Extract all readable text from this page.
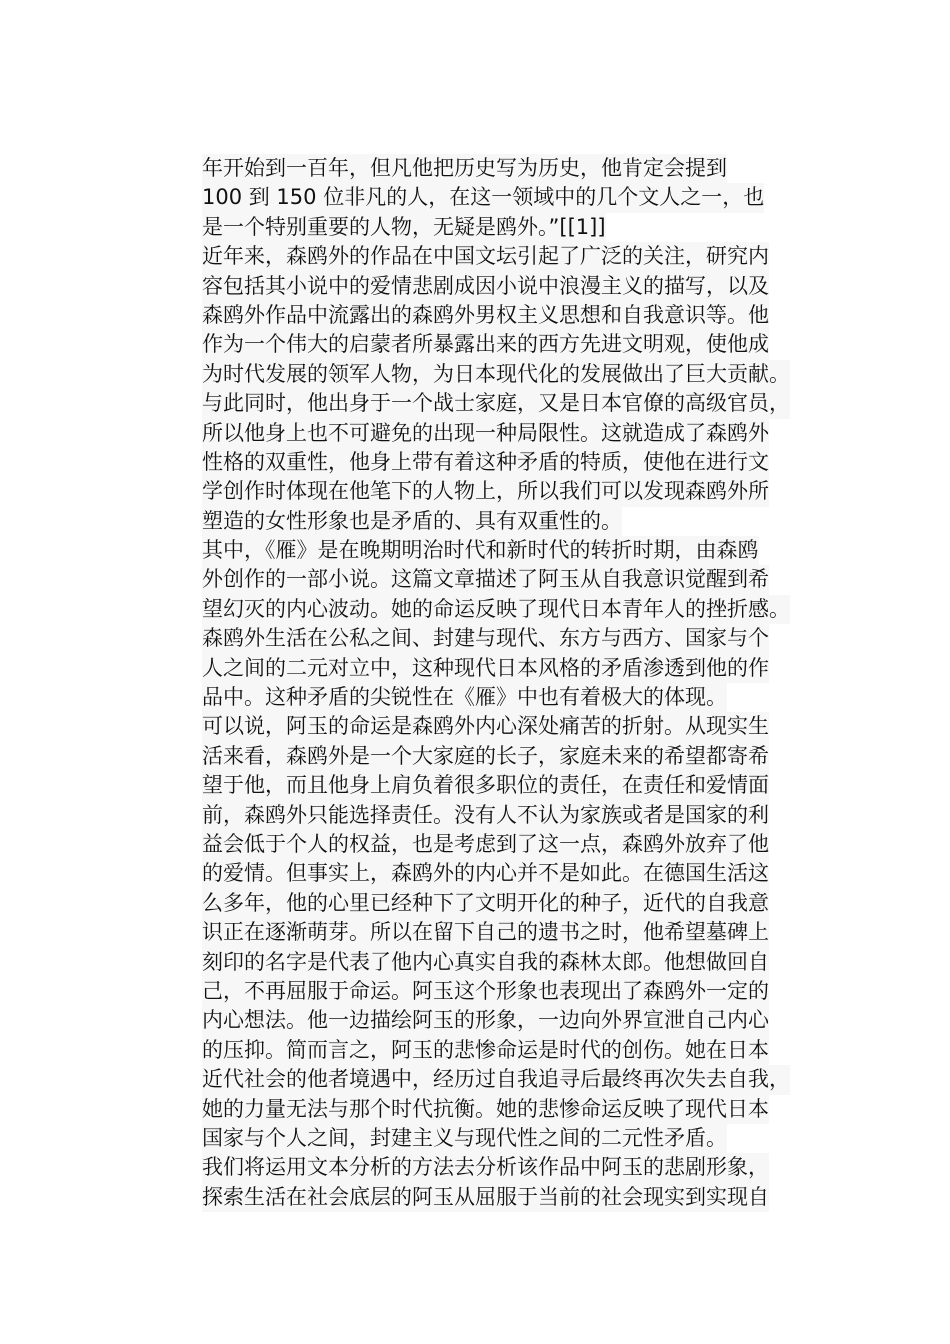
年开始到一百年，但凡他把历史写为历史，他肯定会提到
100 到 150 位非凡的人，在这一领域中的几个文人之一，也
是一个特别重要的人物，无疑是鸥外。”[[1]]
近年来，森鸥外的作品在中国文坛引起了广泛的关注，研究内
容包括其小说中的爱情悲剧成因小说中浪漫主义的描写，以及
森鸥外作品中流露出的森鸥外男权主义思想和自我意识等。他
作为一个伟大的启蒙者所暴露出来的西方先进文明观，使他成
为时代发展的领军人物，为日本现代化的发展做出了巨大贡献。
与此同时，他出身于一个战士家庭，又是日本官僚的高级官员，
所以他身上也不可避免的出现一种局限性。这就造成了森鸥外
性格的双重性，他身上带有着这种矛盾的特质，使他在进行文
学创作时体现在他笔下的人物上，所以我们可以发现森鸥外所
塑造的女性形象也是矛盾的、具有双重性的。
其中，《雁》是在晚期明治时代和新时代的转折时期，由森鸥
外创作的一部小说。这篇文章描述了阿玉从自我意识觉醒到希
望幻灭的内心波动。她的命运反映了现代日本青年人的挫折感。
森鸥外生活在公私之间、封建与现代、东方与西方、国家与个
人之间的二元对立中，这种现代日本风格的矛盾渗透到他的作
品中。这种矛盾的尖锐性在《雁》中也有着极大的体现。
可以说，阿玉的命运是森鸥外内心深处痛苦的折射。从现实生
活来看，森鸥外是一个大家庭的长子，家庭未来的希望都寄希
望于他，而且他身上肩负着很多职位的责任，在责任和爱情面
前，森鸥外只能选择责任。没有人不认为家族或者是国家的利
益会低于个人的权益，也是考虑到了这一点，森鸥外放弃了他
的爱情。但事实上，森鸥外的内心并不是如此。在德国生活这
么多年，他的心里已经种下了文明开化的种子，近代的自我意
识正在逐渐萌芽。所以在留下自己的遗书之时，他希望墓碑上
刻印的名字是代表了他内心真实自我的森林太郎。他想做回自
己，不再屈服于命运。阿玉这个形象也表现出了森鸥外一定的
内心想法。他一边描绘阿玉的形象，一边向外界宣泄自己内心
的压抑。简而言之，阿玉的悲惨命运是时代的创伤。她在日本
近代社会的他者境遇中，经历过自我追寻后最终再次失去自我，
她的力量无法与那个时代抗衡。她的悲惨命运反映了现代日本
国家与个人之间，封建主义与现代性之间的二元性矛盾。
我们将运用文本分析的方法去分析该作品中阿玉的悲剧形象，
探索生活在社会底层的阿玉从屈服于当前的社会现实到实现自
